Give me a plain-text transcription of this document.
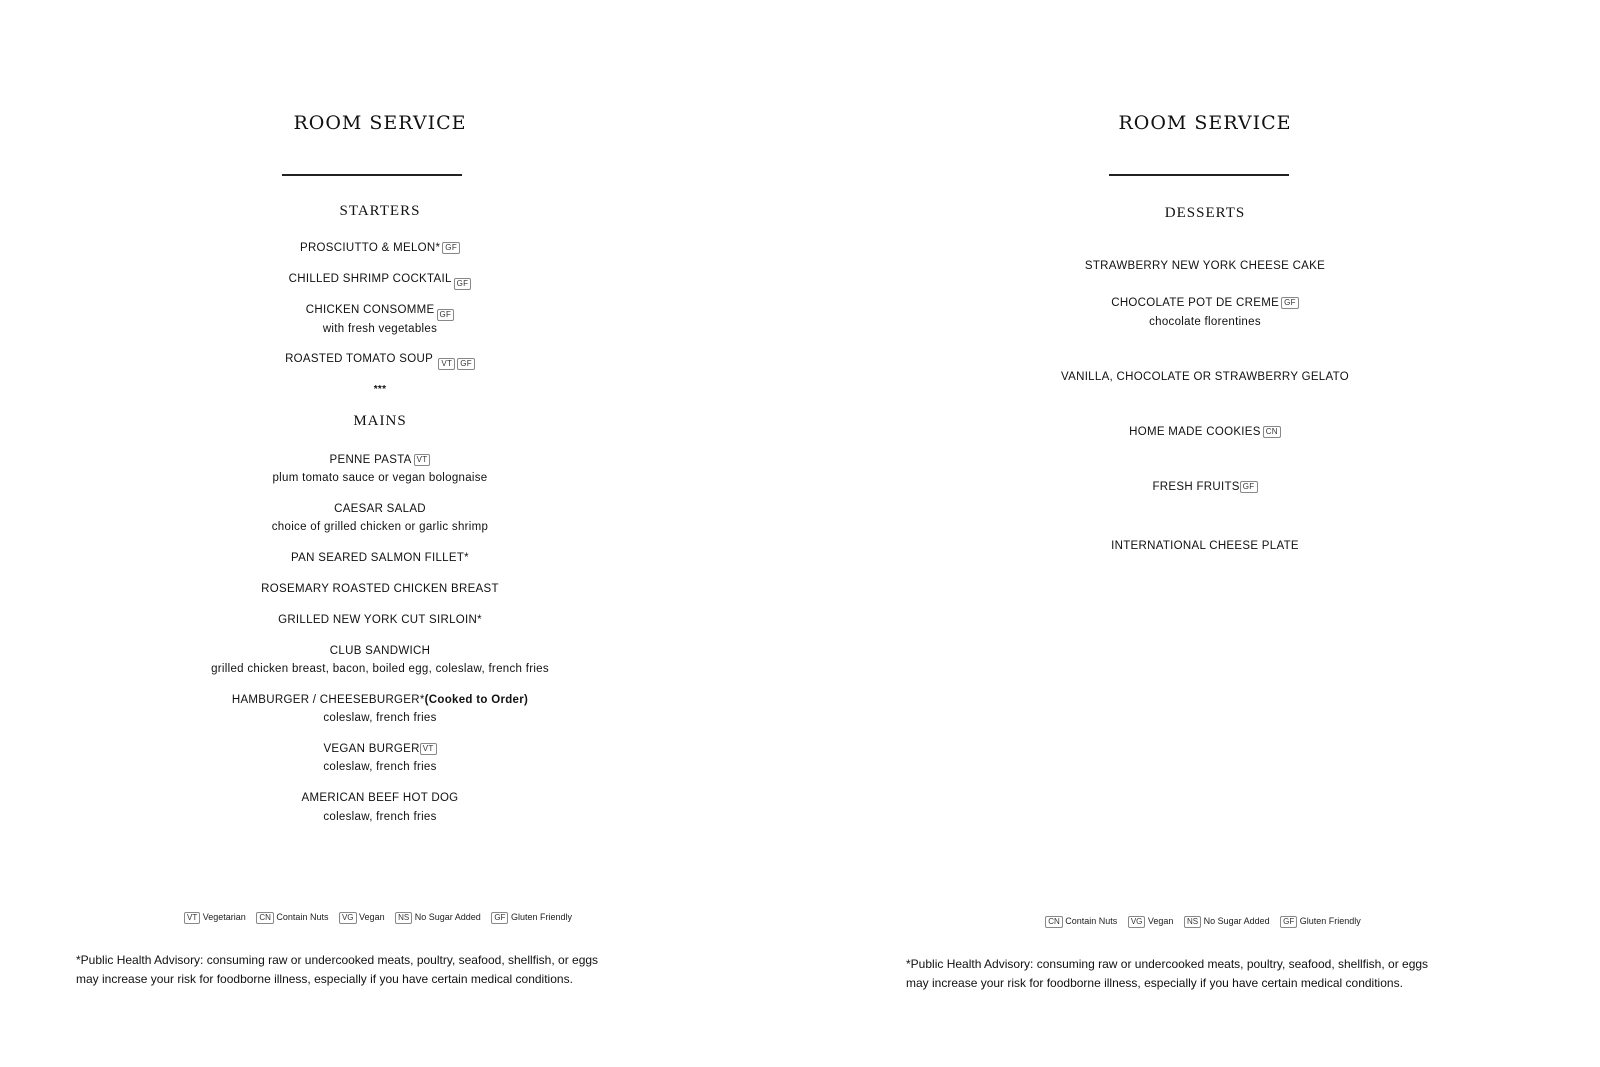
ROOM SERVICE
STARTERS
PROSCIUTTO & MELON* GF
CHILLED SHRIMP COCKTAIL GF
CHICKEN CONSOMME GF
with fresh vegetables
ROASTED TOMATO SOUP VT GF
***
MAINS
PENNE PASTA VT
plum tomato sauce or vegan bolognaise
CAESAR SALAD
choice of grilled chicken or garlic shrimp
PAN SEARED SALMON FILLET*
ROSEMARY ROASTED CHICKEN BREAST
GRILLED NEW YORK CUT SIRLOIN*
CLUB SANDWICH
grilled chicken breast, bacon, boiled egg, coleslaw, french fries
HAMBURGER / CHEESEBURGER*(Cooked to Order)
coleslaw, french fries
VEGAN BURGER VT
coleslaw, french fries
AMERICAN BEEF HOT DOG
coleslaw, french fries
VT Vegetarian CN Contain Nuts VG Vegan NS No Sugar Added GF Gluten Friendly
*Public Health Advisory: consuming raw or undercooked meats, poultry, seafood, shellfish, or eggs
may increase your risk for foodborne illness, especially if you have certain medical conditions.
ROOM SERVICE
DESSERTS
STRAWBERRY NEW YORK CHEESE CAKE
CHOCOLATE POT DE CREME GF
chocolate florentines
VANILLA, CHOCOLATE OR STRAWBERRY GELATO
HOME MADE COOKIES CN
FRESH FRUITS GF
INTERNATIONAL CHEESE PLATE
CN Contain Nuts VG Vegan NS No Sugar Added GF Gluten Friendly
*Public Health Advisory: consuming raw or undercooked meats, poultry, seafood, shellfish, or eggs
may increase your risk for foodborne illness, especially if you have certain medical conditions.
